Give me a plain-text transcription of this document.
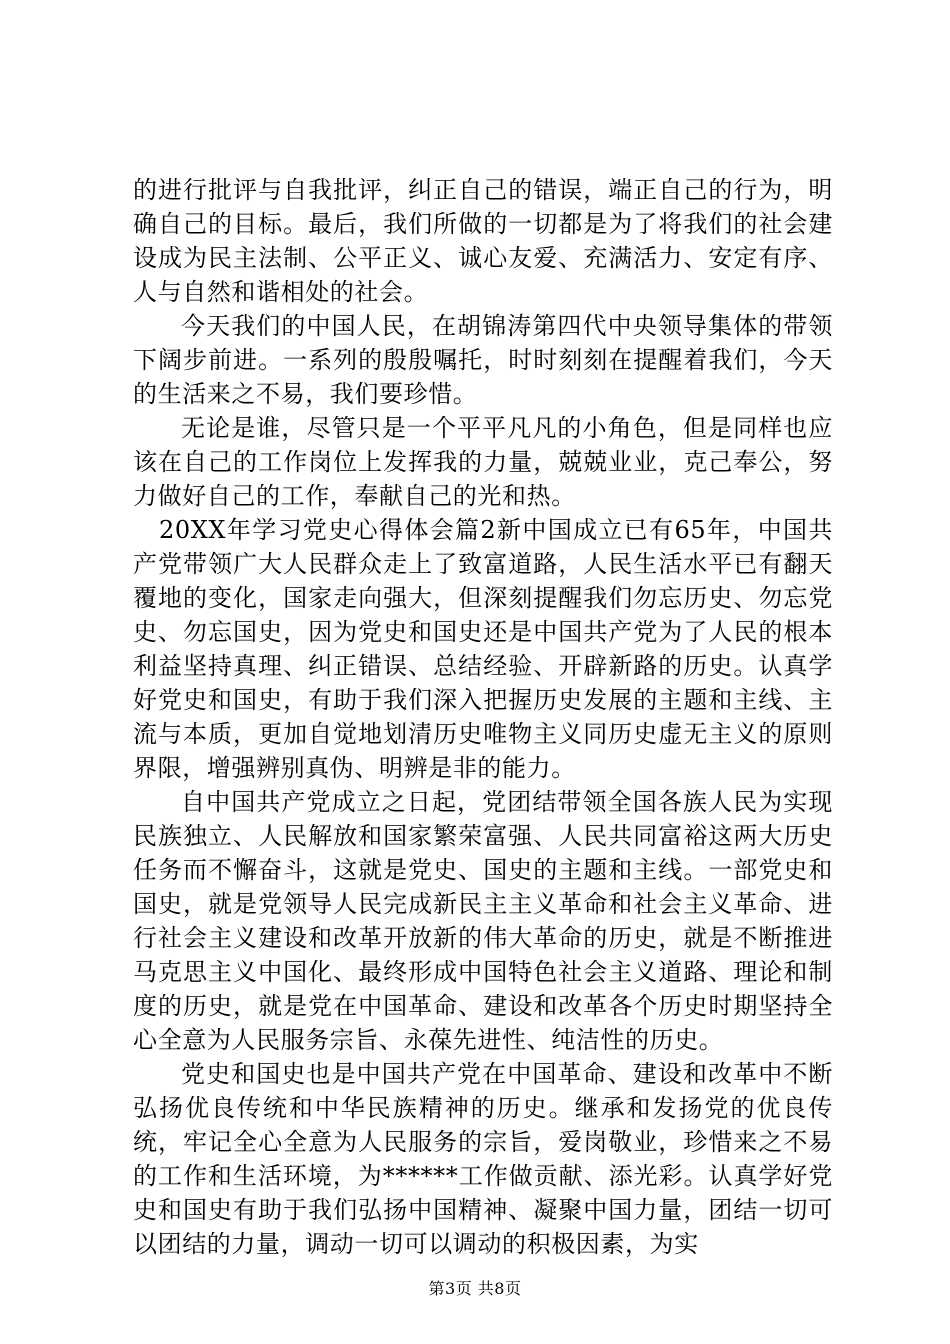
的进行批评与自我批评，纠正自己的错误，端正自己的行为，明确自己的目标。最后，我们所做的一切都是为了将我们的社会建设成为民主法制、公平正义、诚心友爱、充满活力、安定有序、人与自然和谐相处的社会。

今天我们的中国人民，在胡锦涛第四代中央领导集体的带领下阔步前进。一系列的殷殷嘱托，时时刻刻在提醒着我们，今天的生活来之不易，我们要珍惜。

无论是谁，尽管只是一个平平凡凡的小角色，但是同样也应该在自己的工作岗位上发挥我的力量，兢兢业业，克己奉公，努力做好自己的工作，奉献自己的光和热。

20XX年学习党史心得体会篇2新中国成立已有65年，中国共产党带领广大人民群众走上了致富道路，人民生活水平已有翻天覆地的变化，国家走向强大，但深刻提醒我们勿忘历史、勿忘党史、勿忘国史，因为党史和国史还是中国共产党为了人民的根本利益坚持真理、纠正错误、总结经验、开辟新路的历史。认真学好党史和国史，有助于我们深入把握历史发展的主题和主线、主流与本质，更加自觉地划清历史唯物主义同历史虚无主义的原则界限，增强辨别真伪、明辨是非的能力。

自中国共产党成立之日起，党团结带领全国各族人民为实现民族独立、人民解放和国家繁荣富强、人民共同富裕这两大历史任务而不懈奋斗，这就是党史、国史的主题和主线。一部党史和国史，就是党领导人民完成新民主主义革命和社会主义革命、进行社会主义建设和改革开放新的伟大革命的历史，就是不断推进马克思主义中国化、最终形成中国特色社会主义道路、理论和制度的历史，就是党在中国革命、建设和改革各个历史时期坚持全心全意为人民服务宗旨、永葆先进性、纯洁性的历史。

党史和国史也是中国共产党在中国革命、建设和改革中不断弘扬优良传统和中华民族精神的历史。继承和发扬党的优良传统，牢记全心全意为人民服务的宗旨，爱岗敬业，珍惜来之不易的工作和生活环境，为******工作做贡献、添光彩。认真学好党史和国史有助于我们弘扬中国精神、凝聚中国力量，团结一切可以团结的力量，调动一切可以调动的积极因素，为实

第3页 共8页
